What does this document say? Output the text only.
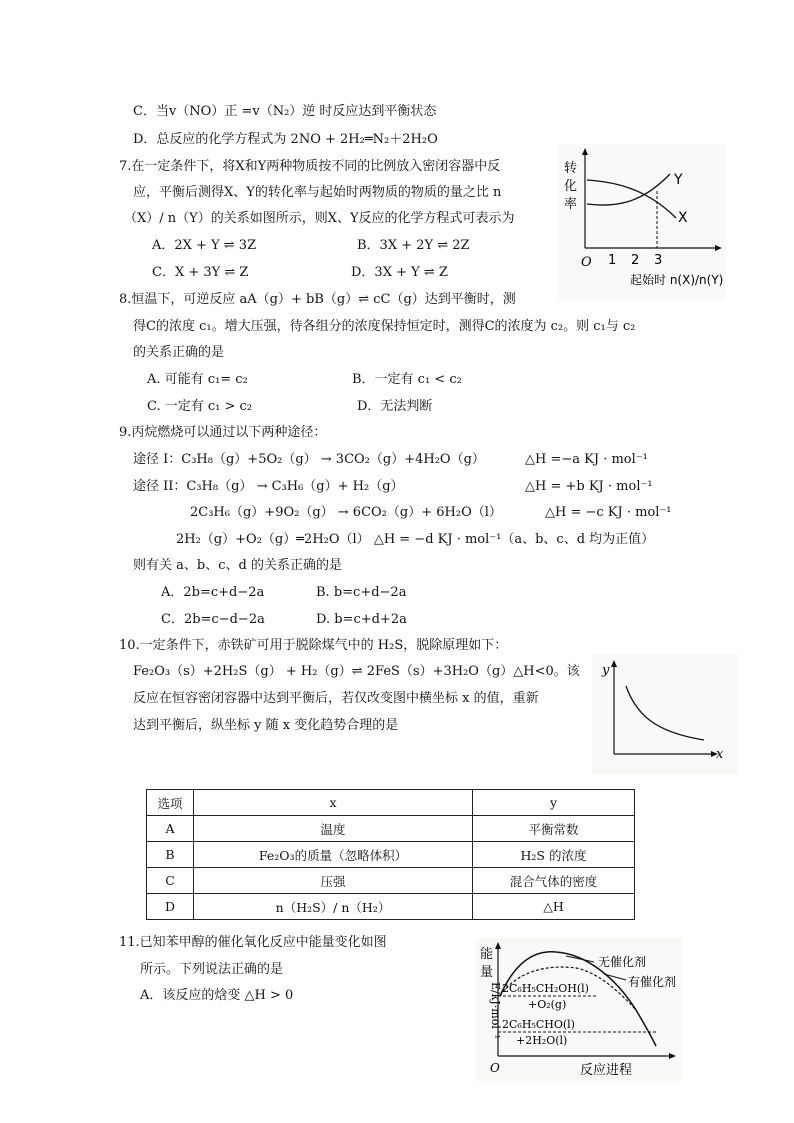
C．当v（NO）正 =v（N₂）逆 时反应达到平衡状态
D．总反应的化学方程式为 2NO + 2H₂═N₂＋2H₂O
7.在一定条件下，将X和Y两种物质按不同的比例放入密闭容器中反
应，平衡后测得X、Y的转化率与起始时两物质的物质的量之比 n
（X）/ n（Y）的关系如图所示，则X、Y反应的化学方程式可表示为
A．2X + Y ⇌ 3Z	B．3X + 2Y ⇌ 2Z
C．X + 3Y ⇌ Z	D．3X + Y ⇌ Z
转
化
率
Y
X
O 1 2 3
起始时 n(X)/n(Y)
8.恒温下，可逆反应 aA（g）+ bB（g）⇌ cC（g）达到平衡时，测
得C的浓度 c₁。增大压强，待各组分的浓度保持恒定时，测得C的浓度为 c₂。则 c₁与 c₂
的关系正确的是
A. 可能有 c₁= c₂	B．一定有 c₁ < c₂
C. 一定有 c₁ > c₂	D．无法判断
9.丙烷燃烧可以通过以下两种途径：
途径 I：C₃H₈（g）+5O₂（g） → 3CO₂（g）+4H₂O（g）	△H =−a KJ · mol⁻¹
途径 II：C₃H₈（g） → C₃H₆（g）+ H₂（g）	△H = +b KJ · mol⁻¹
2C₃H₆（g）+9O₂（g） → 6CO₂（g）+ 6H₂O（l）	△H = −c KJ · mol⁻¹
2H₂（g）+O₂（g）═2H₂O（l） △H = −d KJ · mol⁻¹（a、b、c、d 均为正值）
则有关 a、b、c、d 的关系正确的是
A．2b=c+d−2a	B. b=c+d−2a
C．2b=c−d−2a	D. b=c+d+2a
10.一定条件下，赤铁矿可用于脱除煤气中的 H₂S，脱除原理如下：
Fe₂O₃（s）+2H₂S（g） + H₂（g）⇌ 2FeS（s）+3H₂O（g）△H<0。该
反应在恒容密闭容器中达到平衡后，若仅改变图中横坐标 x 的值，重新
达到平衡后，纵坐标 y 随 x 变化趋势合理的是
y
x
选项	x	y
A	温度	平衡常数
B	Fe₂O₃的质量（忽略体积）	H₂S 的浓度
C	压强	混合气体的密度
D	n（H₂S）/ n（H₂）	△H
11.已知苯甲醇的催化氧化反应中能量变化如图
所示。下列说法正确的是
A．该反应的焓变 △H > 0
能
量
E/kJ·mol⁻¹
无催化剂
有催化剂
2C₆H₅CH₂OH(l)
+O₂(g)
2C₆H₅CHO(l)
+2H₂O(l)
O	反应进程
